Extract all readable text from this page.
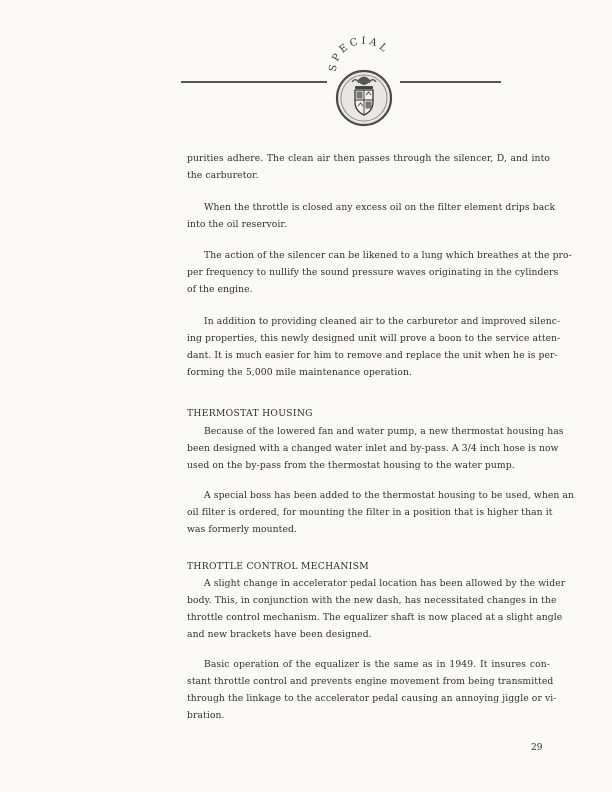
SPECIAL

purities adhere. The clean air then passes through the silencer, D, and into
the carburetor.

When the throttle is closed any excess oil on the filter element drips back
into the oil reservoir.

The action of the silencer can be likened to a lung which breathes at the pro-
per frequency to nullify the sound pressure waves originating in the cylinders
of the engine.

In addition to providing cleaned air to the carburetor and improved silenc-
ing properties, this newly designed unit will prove a boon to the service atten-
dant. It is much easier for him to remove and replace the unit when he is per-
forming the 5,000 mile maintenance operation.

THERMOSTAT HOUSING

Because of the lowered fan and water pump, a new thermostat housing has
been designed with a changed water inlet and by-pass. A 3/4 inch hose is now
used on the by-pass from the thermostat housing to the water pump.

A special boss has been added to the thermostat housing to be used, when an
oil filter is ordered, for mounting the filter in a position that is higher than it
was formerly mounted.

THROTTLE CONTROL MECHANISM

A slight change in accelerator pedal location has been allowed by the wider
body. This, in conjunction with the new dash, has necessitated changes in the
throttle control mechanism. The equalizer shaft is now placed at a slight angle
and new brackets have been designed.

Basic operation of the equalizer is the same as in 1949. It insures con-
stant throttle control and prevents engine movement from being transmitted
through the linkage to the accelerator pedal causing an annoying jiggle or vi-
bration.

29
